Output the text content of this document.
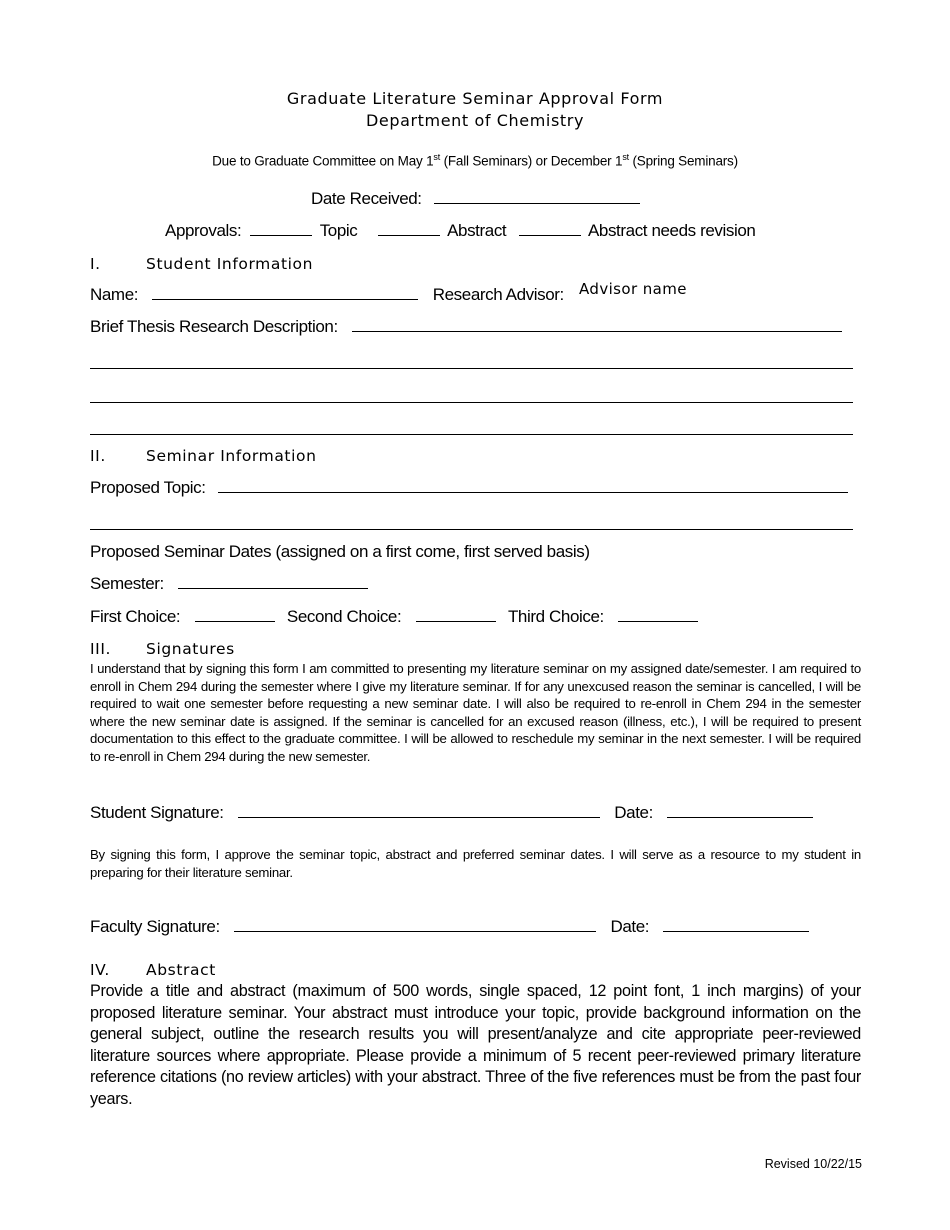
Graduate Literature Seminar Approval Form
Department of Chemistry
Due to Graduate Committee on May 1st (Fall Seminars) or December 1st (Spring Seminars)
Date Received:
Approvals:	Topic	Abstract	Abstract needs revision
I.	Student Information
Name:	Research Advisor: Advisor name
Brief Thesis Research Description:
II.	Seminar Information
Proposed Topic:
Proposed Seminar Dates (assigned on a first come, first served basis)
Semester:
First Choice:	Second Choice:	Third Choice:
III. Signatures
I understand that by signing this form I am committed to presenting my literature seminar on my assigned date/semester. I am required to enroll in Chem 294 during the semester where I give my literature seminar. If for any unexcused reason the seminar is cancelled, I will be required to wait one semester before requesting a new seminar date. I will also be required to re-enroll in Chem 294 in the semester where the new seminar date is assigned. If the seminar is cancelled for an excused reason (illness, etc.), I will be required to present documentation to this effect to the graduate committee. I will be allowed to reschedule my seminar in the next semester. I will be required to re-enroll in Chem 294 during the new semester.
Student Signature:	Date:
By signing this form, I approve the seminar topic, abstract and preferred seminar dates. I will serve as a resource to my student in preparing for their literature seminar.
Faculty Signature:	Date:
IV. Abstract
Provide a title and abstract (maximum of 500 words, single spaced, 12 point font, 1 inch margins) of your proposed literature seminar. Your abstract must introduce your topic, provide background information on the general subject, outline the research results you will present/analyze and cite appropriate peer-reviewed literature sources where appropriate. Please provide a minimum of 5 recent peer-reviewed primary literature reference citations (no review articles) with your abstract. Three of the five references must be from the past four years.
Revised 10/22/15
